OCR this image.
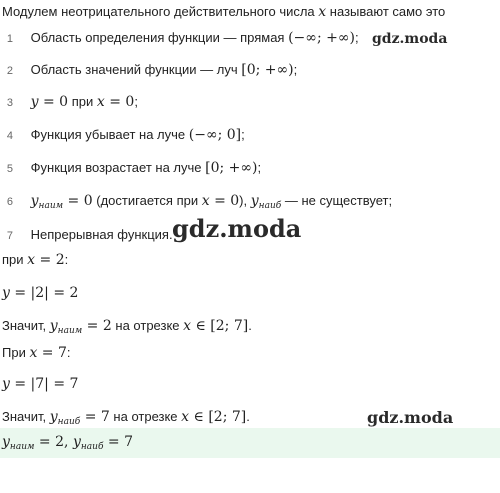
Модулем неотрицательного действительного числа x называют само это
1 Область определения функции — прямая (−∞; +∞);
2 Область значений функции — луч [0; +∞);
3 y = 0 при x = 0;
4 Функция убывает на луче (−∞; 0];
5 Функция возрастает на луче [0; +∞);
6 $y_{наим} = 0$ (достигается при x = 0), $y_{наиб}$ — не существует;
7 Непрерывная функция.
при x = 2:
y = |2| = 2
Значит, $y_{наим} = 2$ на отрезке x ∈ [2; 7].
При x = 7:
y = |7| = 7
Значит, $y_{наиб} = 7$ на отрезке x ∈ [2; 7].
$y_{наим} = 2$, $y_{наиб} = 7$
gdz.moda
gdz.moda
gdz.moda
